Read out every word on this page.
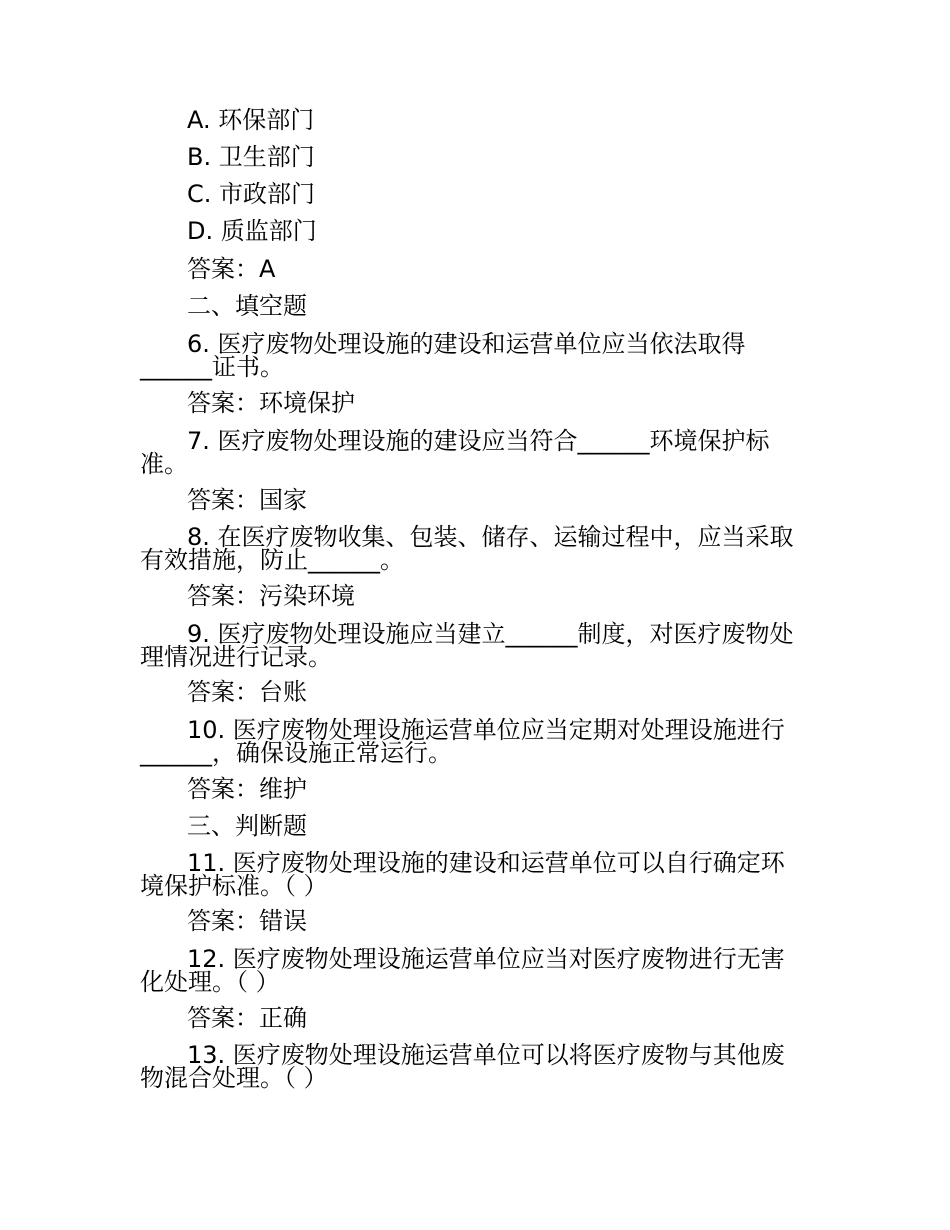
A. 环保部门
B. 卫生部门
C. 市政部门
D. 质监部门
答案：A
二、填空题
6. 医疗废物处理设施的建设和运营单位应当依法取得
______证书。
答案：环境保护
7. 医疗废物处理设施的建设应当符合______环境保护标
准。
答案：国家
8. 在医疗废物收集、包装、储存、运输过程中，应当采取
有效措施，防止______。
答案：污染环境
9. 医疗废物处理设施应当建立______制度，对医疗废物处
理情况进行记录。
答案：台账
10. 医疗废物处理设施运营单位应当定期对处理设施进行
______，确保设施正常运行。
答案：维护
三、判断题
11. 医疗废物处理设施的建设和运营单位可以自行确定环
境保护标准。（ ）
答案：错误
12. 医疗废物处理设施运营单位应当对医疗废物进行无害
化处理。（ ）
答案：正确
13. 医疗废物处理设施运营单位可以将医疗废物与其他废
物混合处理。（ ）
